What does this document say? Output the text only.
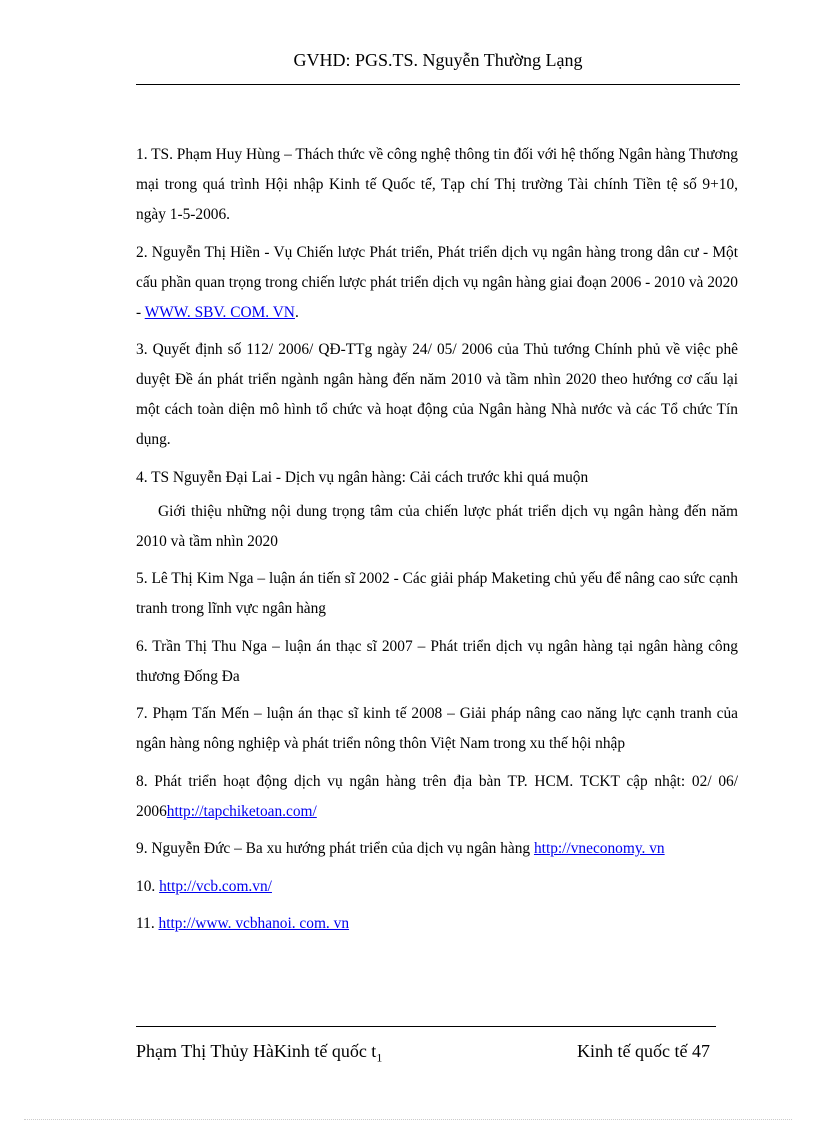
GVHD: PGS.TS. Nguyễn Thường Lạng

1. TS. Phạm Huy Hùng – Thách thức về công nghệ thông tin đối với hệ thống Ngân hàng Thương mại trong quá trình Hội nhập Kinh tế Quốc tế, Tạp chí Thị trường Tài chính Tiền tệ số 9+10, ngày 1-5-2006.

2. Nguyễn Thị Hiền - Vụ Chiến lược Phát triển, Phát triển dịch vụ ngân hàng trong dân cư - Một cấu phần quan trọng trong chiến lược phát triển dịch vụ ngân hàng giai đoạn 2006 - 2010 và 2020 - WWW. SBV. COM. VN.

3. Quyết định số 112/ 2006/ QĐ-TTg ngày 24/ 05/ 2006 của Thủ tướng Chính phủ về việc phê duyệt Đề án phát triển ngành ngân hàng đến năm 2010 và tầm nhìn 2020 theo hướng cơ cấu lại một cách toàn diện mô hình tổ chức và hoạt động của Ngân hàng Nhà nước và các Tổ chức Tín dụng.

4. TS Nguyễn Đại Lai - Dịch vụ ngân hàng: Cải cách trước khi quá muộn

Giới thiệu những nội dung trọng tâm của chiến lược phát triển dịch vụ ngân hàng đến năm 2010 và tầm nhìn 2020

5. Lê Thị Kim Nga – luận án tiến sĩ 2002 - Các giải pháp Maketing chủ yếu để nâng cao sức cạnh tranh trong lĩnh vực ngân hàng

6. Trần Thị Thu Nga – luận án thạc sĩ 2007 – Phát triển dịch vụ ngân hàng tại ngân hàng công thương Đống Đa

7. Phạm Tấn Mến – luận án thạc sĩ kinh tế 2008 – Giải pháp nâng cao năng lực cạnh tranh của ngân hàng nông nghiệp và phát triển nông thôn Việt Nam trong xu thế hội nhập

8. Phát triển hoạt động dịch vụ ngân hàng trên địa bàn TP. HCM. TCKT cập nhật: 02/ 06/ 2006http://tapchiketoan.com/

9. Nguyễn Đức – Ba xu hướng phát triển của dịch vụ ngân hàng http://vneconomy. vn

10. http://vcb.com.vn/

11. http://www. vcbhanoi. com. vn

Phạm Thị Thủy HàKinh tế quốc $t_1$	Kinh tế quốc tế 47
